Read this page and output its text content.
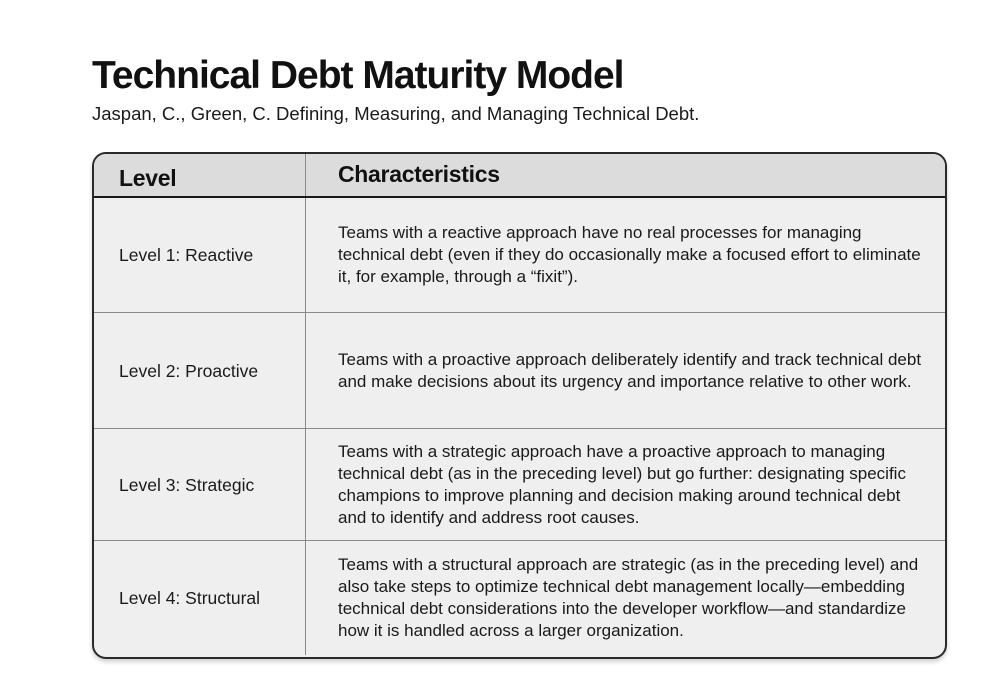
Technical Debt Maturity Model

Jaspan, C., Green, C. Defining, Measuring, and Managing Technical Debt.

Level	Characteristics
Level 1: Reactive
Teams with a reactive approach have no real processes for managing technical debt (even if they do occasionally make a focused effort to eliminate it, for example, through a “fixit”).
Level 2: Proactive
Teams with a proactive approach deliberately identify and track technical debt and make decisions about its urgency and importance relative to other work.
Level 3: Strategic
Teams with a strategic approach have a proactive approach to managing technical debt (as in the preceding level) but go further: designating specific champions to improve planning and decision making around technical debt and to identify and address root causes.
Level 4: Structural
Teams with a structural approach are strategic (as in the preceding level) and also take steps to optimize technical debt management locally—embedding technical debt considerations into the developer workflow—and standardize how it is handled across a larger organization.
